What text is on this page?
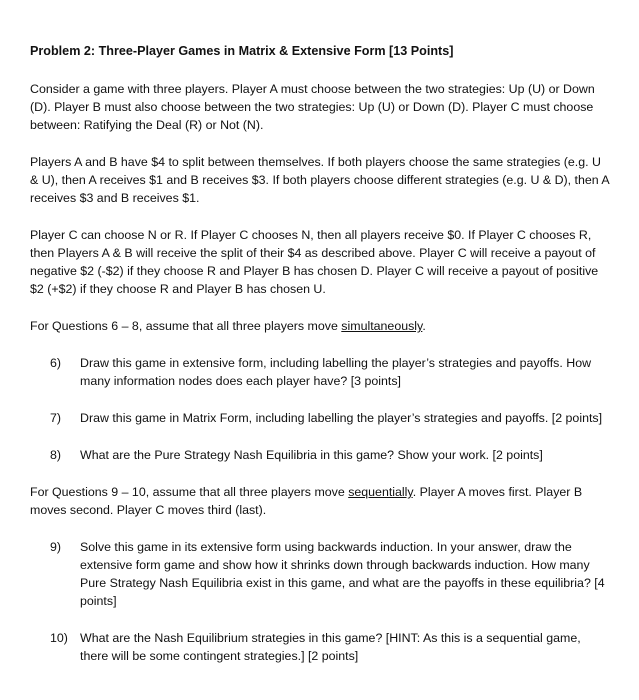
Problem 2: Three-Player Games in Matrix & Extensive Form [13 Points]

Consider a game with three players. Player A must choose between the two strategies: Up (U) or Down (D). Player B must also choose between the two strategies: Up (U) or Down (D). Player C must choose between: Ratifying the Deal (R) or Not (N).

Players A and B have $4 to split between themselves. If both players choose the same strategies (e.g. U & U), then A receives $1 and B receives $3. If both players choose different strategies (e.g. U & D), then A receives $3 and B receives $1.

Player C can choose N or R. If Player C chooses N, then all players receive $0. If Player C chooses R, then Players A & B will receive the split of their $4 as described above. Player C will receive a payout of negative $2 (-$2) if they choose R and Player B has chosen D. Player C will receive a payout of positive $2 (+$2) if they choose R and Player B has chosen U.

For Questions 6 – 8, assume that all three players move simultaneously.

6) Draw this game in extensive form, including labelling the player’s strategies and payoffs. How many information nodes does each player have? [3 points]
7) Draw this game in Matrix Form, including labelling the player’s strategies and payoffs. [2 points]
8) What are the Pure Strategy Nash Equilibria in this game? Show your work. [2 points]

For Questions 9 – 10, assume that all three players move sequentially. Player A moves first. Player B moves second. Player C moves third (last).

9) Solve this game in its extensive form using backwards induction. In your answer, draw the extensive form game and show how it shrinks down through backwards induction. How many Pure Strategy Nash Equilibria exist in this game, and what are the payoffs in these equilibria? [4 points]
10) What are the Nash Equilibrium strategies in this game? [HINT: As this is a sequential game, there will be some contingent strategies.] [2 points]
